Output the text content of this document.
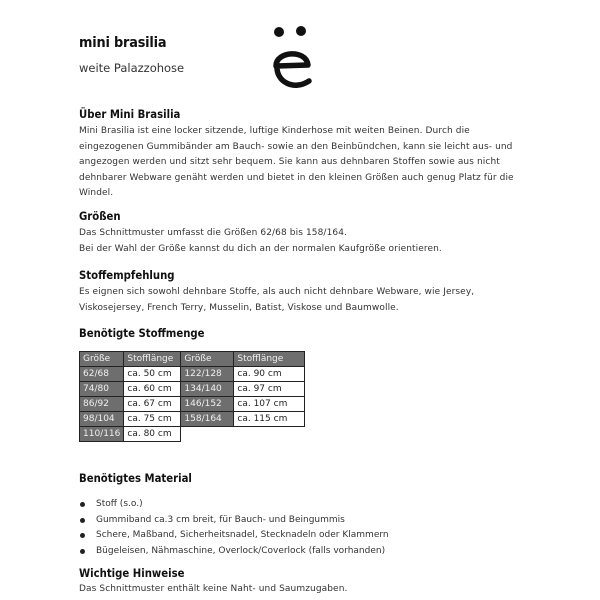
mini brasilia
weite Palazzohose
Über Mini Brasilia
Mini Brasilia ist eine locker sitzende, luftige Kinderhose mit weiten Beinen. Durch die
eingezogenen Gummibänder am Bauch- sowie an den Beinbündchen, kann sie leicht aus- und
angezogen werden und sitzt sehr bequem. Sie kann aus dehnbaren Stoffen sowie aus nicht
dehnbarer Webware genäht werden und bietet in den kleinen Größen auch genug Platz für die
Windel.
Größen
Das Schnittmuster umfasst die Größen 62/68 bis 158/164.
Bei der Wahl der Größe kannst du dich an der normalen Kaufgröße orientieren.
Stoffempfehlung
Es eignen sich sowohl dehnbare Stoffe, als auch nicht dehnbare Webware, wie Jersey,
Viskosejersey, French Terry, Musselin, Batist, Viskose und Baumwolle.
Benötigte Stoffmenge
Größe	Stofflänge	Größe	Stofflänge
62/68	ca. 50 cm	122/128	ca. 90 cm
74/80	ca. 60 cm	134/140	ca. 97 cm
86/92	ca. 67 cm	146/152	ca. 107 cm
98/104	ca. 75 cm	158/164	ca. 115 cm
110/116	ca. 80 cm		
Benötigtes Material
Stoff (s.o.)
Gummiband ca.3 cm breit, für Bauch- und Beingummis
Schere, Maßband, Sicherheitsnadel, Stecknadeln oder Klammern
Bügeleisen, Nähmaschine, Overlock/Coverlock (falls vorhanden)
Wichtige Hinweise
Das Schnittmuster enthält keine Naht- und Saumzugaben.
